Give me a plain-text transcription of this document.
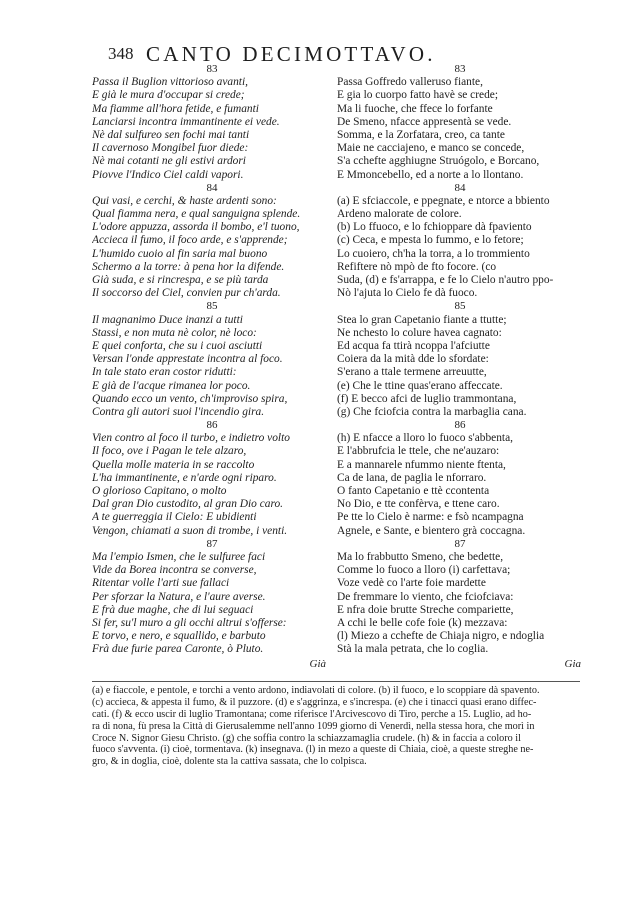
348 CANTO DECIMOTTAVO.
83
Passa il Buglion vittorioso avanti,
E già le mura d'occupar si crede;
Ma fiamme all'hora fetide, e fumanti
Lanciarsi incontra immantinente ei vede.
Nè dal sulfureo sen fochi mai tanti
Il cavernoso Mongibel fuor diede:
Nè mai cotanti ne gli estivi ardori
Piovve l'Indico Ciel caldi vapori.
84
Qui vasi, e cerchi, & haste ardenti sono:
Qual fiamma nera, e qual sanguigna splende.
L'odore appuzza, assorda il bombo, e'l tuono,
Accieca il fumo, il foco arde, e s'apprende;
L'humido cuoio al fin saria mal buono
Schermo a la torre: à pena hor la difende.
Già suda, e si rincrespa, e se più tarda
Il soccorso del Ciel, convien pur ch'arda.
85
Il magnanimo Duce inanzi a tutti
Stassi, e non muta nè color, nè loco:
E quei conforta, che su i cuoi asciutti
Versan l'onde apprestate incontra al foco.
In tale stato eran costor ridutti:
E già de l'acque rimanea lor poco.
Quando ecco un vento, ch'improviso spira,
Contra gli autori suoi l'incendio gira.
86
Vien contro al foco il turbo, e indietro volto
Il foco, ove i Pagan le tele alzaro,
Quella molle materia in se raccolto
L'ha immantinente, e n'arde ogni riparo.
O glorioso Capitano, o molto
Dal gran Dio custodito, al gran Dio caro.
A te guerreggia il Cielo: E ubidienti
Vengon, chiamati a suon di trombe, i venti.
87
Ma l'empio Ismen, che le sulfuree faci
Vide da Borea incontra se converse,
Ritentar volle l'arti sue fallaci
Per sforzar la Natura, e l'aure averse.
E frà due maghe, che di lui seguaci
Si fer, su'l muro a gli occhi altrui s'offerse:
E torvo, e nero, e squallido, e barbuto
Frà due furie parea Caronte, ò Pluto.
Già
83
Passa Goffredo valleruso fiante,
E gia lo cuorpo fatto havè se crede;
Ma li fuoche, che ffece lo forfante
De Smeno, nfacce appresentà se vede.
Somma, e la Zorfatara, creo, ca tante
Maie ne cacciajeno, e manco se concede,
S'a cchefte agghiugne Struógolo, e Borcano,
E Mmoncebello, ed a norte a lo llontano.
84
(a) E sfciaccole, e ppegnate, e ntorce a bbiento
Ardeno malorate de colore.
(b) Lo ffuoco, e lo fchioppare dà fpaviento
(c) Ceca, e mpesta lo fummo, e lo fetore;
Lo cuoiero, ch'ha la torra, a lo trommiento
Refiftere nò mpò de fto focore. (co
Suda, (d) e fs'arrappa, e fe lo Cielo n'autro ppo-
Nò l'ajuta lo Cielo fe dà fuoco.
85
Stea lo gran Capetanio fiante a ttutte;
Ne nchesto lo colure havea cagnato:
Ed acqua fa ttirà ncoppa l'afciutte
Coiera da la mità dde lo sfordate:
S'erano a ttale termene arreuutte,
(e) Che le ttine quas'erano affeccate.
(f) E becco afci de luglio trammontana,
(g) Che fciofcia contra la marbaglia cana.
86
(h) E nfacce a lloro lo fuoco s'abbenta,
E l'abbrufcia le ttele, che ne'auzaro:
E a mannarele nfummo niente ftenta,
Ca de lana, de paglia le nforraro.
O fanto Capetanio e ttè ccontenta
No Dio, e tte confèrva, e ttene caro.
Pe tte lo Cielo è narme: e fsò ncampagna
Agnele, e Sante, e bientero grà coccagna.
87
Ma lo frabbutto Smeno, che bedette,
Comme lo fuoco a lloro (i) carfettava;
Voze vedè co l'arte foie mardette
De fremmare lo viento, che fciofciava:
E nfra doie brutte Streche compariette,
A cchi le belle cofe foie (k) mezzava:
(l) Miezo a cchefte de Chiaja nigro, e ndoglia
Stà la mala petrata, che lo coglia.
Gia
(a) e fiaccole, e pentole, e torchi a vento ardono, indiavolati di colore. (b) il fuoco, e lo scoppiare dà spavento.
(c) accieca, & appesta il fumo, & il puzzore. (d) e s'aggrinza, e s'increspa. (e) che i tinacci quasi erano diffec-
cati. (f) & ecco uscir di luglio Tramontana; come riferisce l'Arcivescovo di Tiro, perche a 15. Luglio, ad ho-
ra di nona, fù presa la Città di Gierusalemme nell'anno 1099 giorno di Venerdì, nella stessa hora, che morì in
Croce N. Signor Giesu Christo. (g) che soffia contro la schiazzamaglia crudele. (h) & in faccia a coloro il
fuoco s'avventa. (i) cioè, tormentava. (k) insegnava. (l) in mezo a queste di Chiaia, cioè, a queste streghe ne-
gro, & in doglia, cioè, dolente sta la cattiva sassata, che lo colpisca.
